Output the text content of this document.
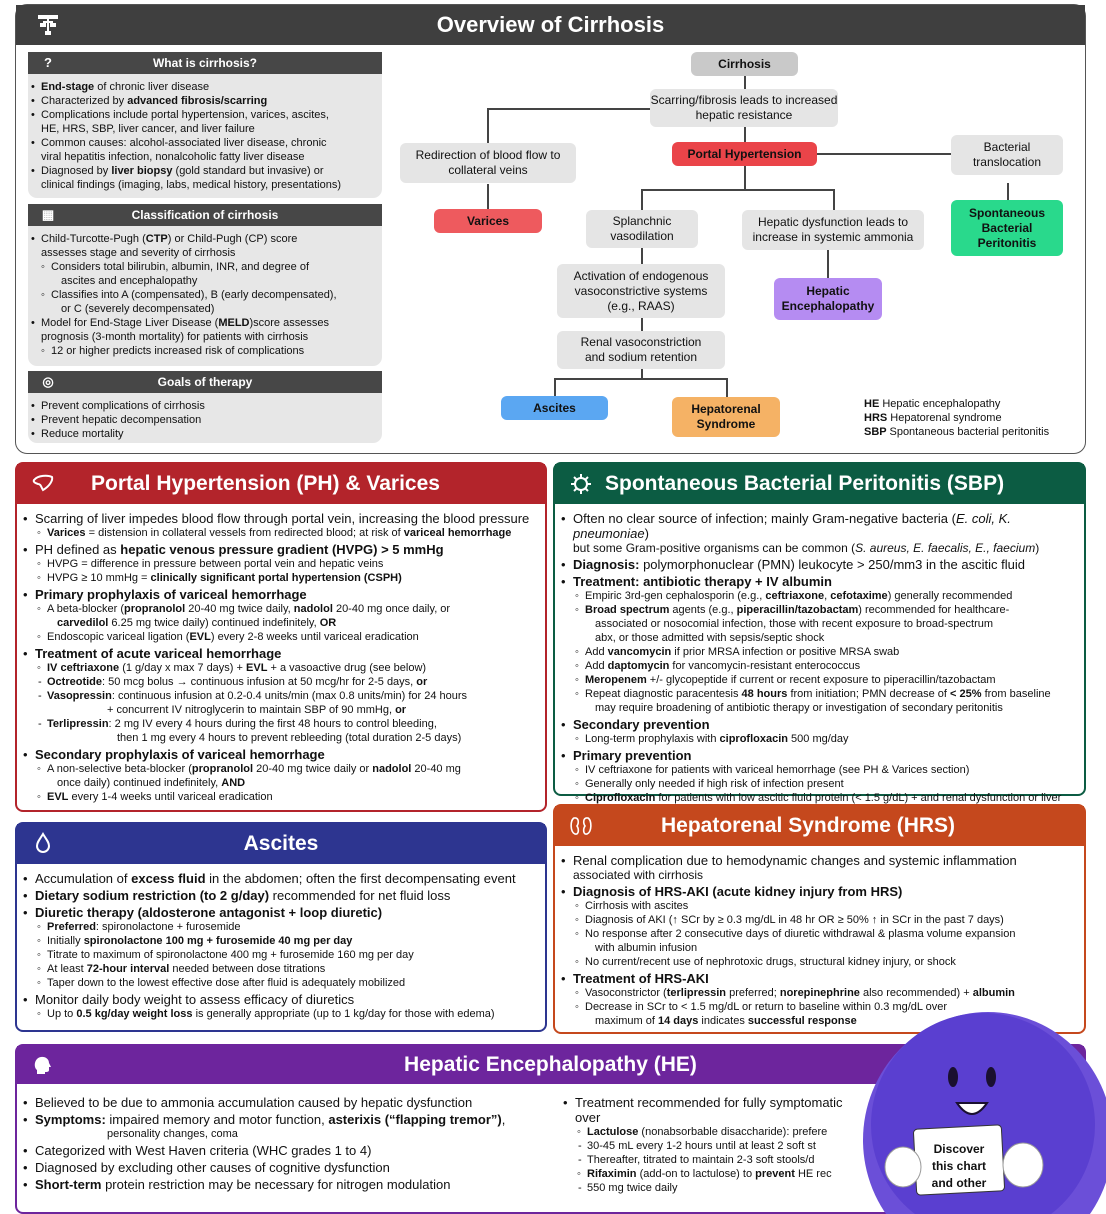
Overview of Cirrhosis
?	What is cirrhosis?
• End-stage of chronic liver disease
• Characterized by advanced fibrosis/scarring
• Complications include portal hypertension, varices, ascites,
HE, HRS, SBP, liver cancer, and liver failure
• Common causes: alcohol-associated liver disease, chronic
viral hepatitis infection, nonalcoholic fatty liver disease
• Diagnosed by liver biopsy (gold standard but invasive) or
clinical findings (imaging, labs, medical history, presentations)
▦	Classification of cirrhosis
• Child-Turcotte-Pugh (CTP) or Child-Pugh (CP) score
assesses stage and severity of cirrhosis
◦ Considers total bilirubin, albumin, INR, and degree of
ascites and encephalopathy
◦ Classifies into A (compensated), B (early decompensated),
or C (severely decompensated)
• Model for End-Stage Liver Disease (MELD)score assesses
prognosis (3-month mortality) for patients with cirrhosis
◦ 12 or higher predicts increased risk of complications
◎	Goals of therapy
• Prevent complications of cirrhosis
• Prevent hepatic decompensation
• Reduce mortality
Cirrhosis
Scarring/fibrosis leads to increased hepatic resistance
Redirection of blood flow to collateral veins
Portal Hypertension	Bacterial translocation
Varices	Splanchnic vasodilation
Hepatic dysfunction leads to increase in systemic ammonia
Spontaneous Bacterial Peritonitis
Activation of endogenous vasoconstrictive systems (e.g., RAAS)
Hepatic Encephalopathy
Renal vasoconstriction and sodium retention
Ascites	Hepatorenal Syndrome
HE Hepatic encephalopathy
HRS Hepatorenal syndrome
SBP Spontaneous bacterial peritonitis
Portal Hypertension (PH) & Varices
• Scarring of liver impedes blood flow through portal vein, increasing the blood pressure
◦ Varices = distension in collateral vessels from redirected blood; at risk of variceal hemorrhage
• PH defined as hepatic venous pressure gradient (HVPG) > 5 mmHg
◦ HVPG = difference in pressure between portal vein and hepatic veins
◦ HVPG ≥ 10 mmHg = clinically significant portal hypertension (CSPH)
• Primary prophylaxis of variceal hemorrhage
◦ A beta-blocker (propranolol 20-40 mg twice daily, nadolol 20-40 mg once daily, or
carvedilol 6.25 mg twice daily) continued indefinitely, OR
◦ Endoscopic variceal ligation (EVL) every 2-8 weeks until variceal eradication
• Treatment of acute variceal hemorrhage
◦ IV ceftriaxone (1 g/day x max 7 days) + EVL + a vasoactive drug (see below)
- Octreotide: 50 mcg bolus → continuous infusion at 50 mcg/hr for 2-5 days, or
- Vasopressin: continuous infusion at 0.2-0.4 units/min (max 0.8 units/min) for 24 hours
+ concurrent IV nitroglycerin to maintain SBP of 90 mmHg, or
- Terlipressin: 2 mg IV every 4 hours during the first 48 hours to control bleeding,
then 1 mg every 4 hours to prevent rebleeding (total duration 2-5 days)
• Secondary prophylaxis of variceal hemorrhage
◦ A non-selective beta-blocker (propranolol 20-40 mg twice daily or nadolol 20-40 mg
once daily) continued indefinitely, AND
◦ EVL every 1-4 weeks until variceal eradication
Spontaneous Bacterial Peritonitis (SBP)
• Often no clear source of infection; mainly Gram-negative bacteria (E. coli, K. pneumoniae)
but some Gram-positive organisms can be common (S. aureus, E. faecalis, E., faecium)
• Diagnosis: polymorphonuclear (PMN) leukocyte > 250/mm3 in the ascitic fluid
• Treatment: antibiotic therapy + IV albumin
◦ Empiric 3rd-gen cephalosporin (e.g., ceftriaxone, cefotaxime) generally recommended
◦ Broad spectrum agents (e.g., piperacillin/tazobactam) recommended for healthcare-
associated or nosocomial infection, those with recent exposure to broad-spectrum
abx, or those admitted with sepsis/septic shock
◦ Add vancomycin if prior MRSA infection or positive MRSA swab
◦ Add daptomycin for vancomycin-resistant enterococcus
◦ Meropenem +/- glycopeptide if current or recent exposure to piperacillin/tazobactam
◦ Repeat diagnostic paracentesis 48 hours from initiation; PMN decrease of < 25% from baseline
may require broadening of antibiotic therapy or investigation of secondary peritonitis
• Secondary prevention
◦ Long-term prophylaxis with ciprofloxacin 500 mg/day
• Primary prevention
◦ IV ceftriaxone for patients with variceal hemorrhage (see PH & Varices section)
◦ Generally only needed if high risk of infection present
◦ Ciprofloxacin for patients with low ascitic fluid protein (< 1.5 g/dL) + and renal dysfunction or liver
Ascites
• Accumulation of excess fluid in the abdomen; often the first decompensating event
• Dietary sodium restriction (to 2 g/day) recommended for net fluid loss
• Diuretic therapy (aldosterone antagonist + loop diuretic)
◦ Preferred: spironolactone + furosemide
◦ Initially spironolactone 100 mg + furosemide 40 mg per day
◦ Titrate to maximum of spironolactone 400 mg + furosemide 160 mg per day
◦ At least 72-hour interval needed between dose titrations
◦ Taper down to the lowest effective dose after fluid is adequately mobilized
• Monitor daily body weight to assess efficacy of diuretics
◦ Up to 0.5 kg/day weight loss is generally appropriate (up to 1 kg/day for those with edema)
Hepatorenal Syndrome (HRS)
• Renal complication due to hemodynamic changes and systemic inflammation
associated with cirrhosis
• Diagnosis of HRS-AKI (acute kidney injury from HRS)
◦ Cirrhosis with ascites
◦ Diagnosis of AKI (↑ SCr by ≥ 0.3 mg/dL in 48 hr OR ≥ 50% ↑ in SCr in the past 7 days)
◦ No response after 2 consecutive days of diuretic withdrawal & plasma volume expansion
with albumin infusion
◦ No current/recent use of nephrotoxic drugs, structural kidney injury, or shock
• Treatment of HRS-AKI
◦ Vasoconstrictor (terlipressin preferred; norepinephrine also recommended) + albumin
◦ Decrease in SCr to < 1.5 mg/dL or return to baseline within 0.3 mg/dL over
maximum of 14 days indicates successful response
Hepatic Encephalopathy (HE)
• Believed to be due to ammonia accumulation caused by hepatic dysfunction
• Symptoms: impaired memory and motor function, asterixis (“flapping tremor”),
personality changes, coma
• Categorized with West Haven criteria (WHC grades 1 to 4)
• Diagnosed by excluding other causes of cognitive dysfunction
• Short-term protein restriction may be necessary for nitrogen modulation
• Treatment recommended for fully symptomatic over
◦ Lactulose (nonabsorbable disaccharide): prefere
- 30-45 mL every 1-2 hours until at least 2 soft st
- Thereafter, titrated to maintain 2-3 soft stools/d
◦ Rifaximin (add-on to lactulose) to prevent HE rec
- 550 mg twice daily
Discover
this chart
and other
